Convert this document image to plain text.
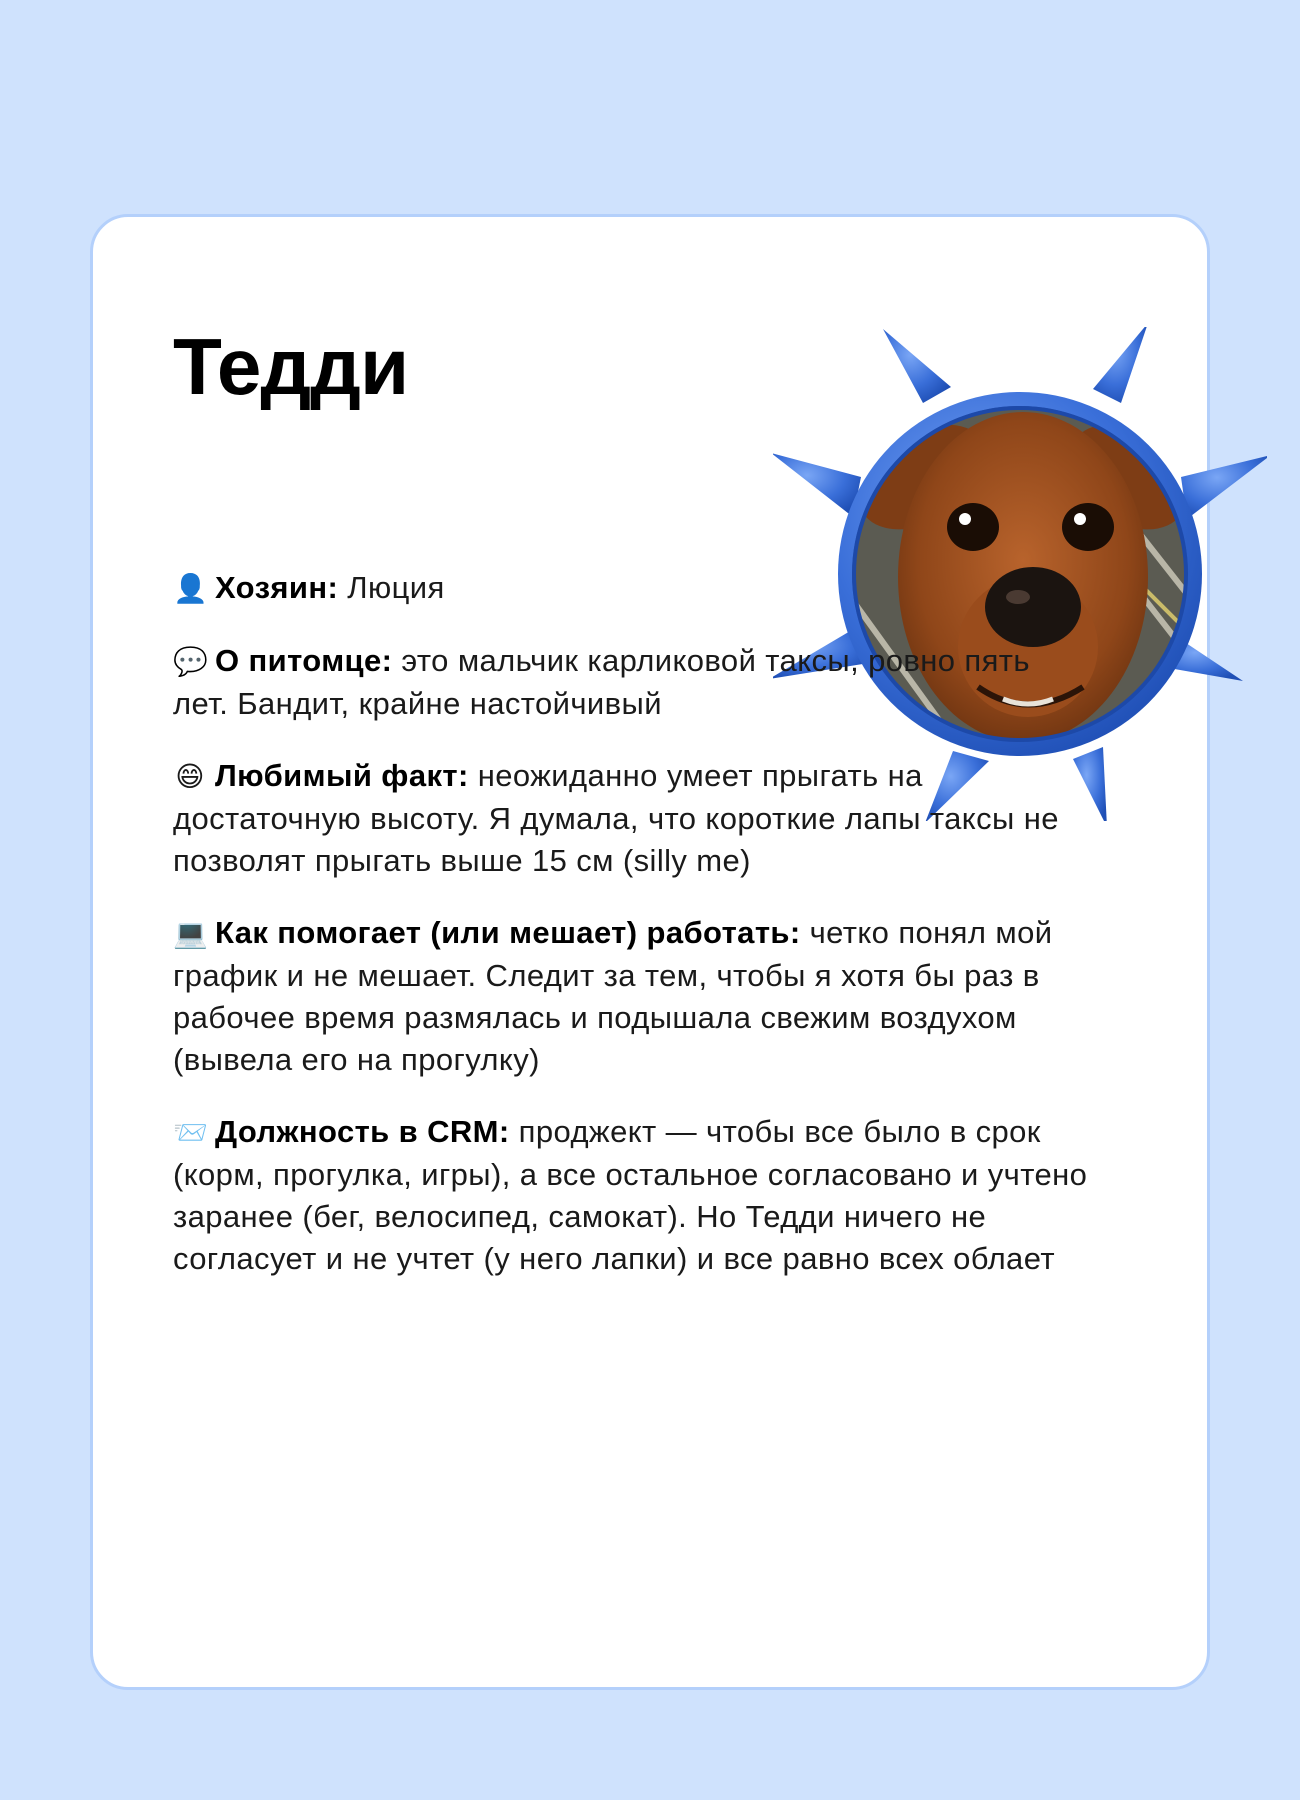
Тедди

👤 Хозяин: Люция

💬 О питомце: это мальчик карликовой таксы, ровно пять лет. Бандит, крайне настойчивый

😄 Любимый факт: неожиданно умеет прыгать на достаточную высоту. Я думала, что короткие лапы таксы не позволят прыгать выше 15 см (silly me)

💻 Как помогает (или мешает) работать: четко понял мой график и не мешает. Следит за тем, чтобы я хотя бы раз в рабочее время размялась и подышала свежим воздухом (вывела его на прогулку)

📨 Должность в CRM: проджект — чтобы все было в срок (корм, прогулка, игры), а все остальное согласовано и учтено заранее (бег, велосипед, самокат). Но Тедди ничего не согласует и не учтет (у него лапки) и все равно всех облает
